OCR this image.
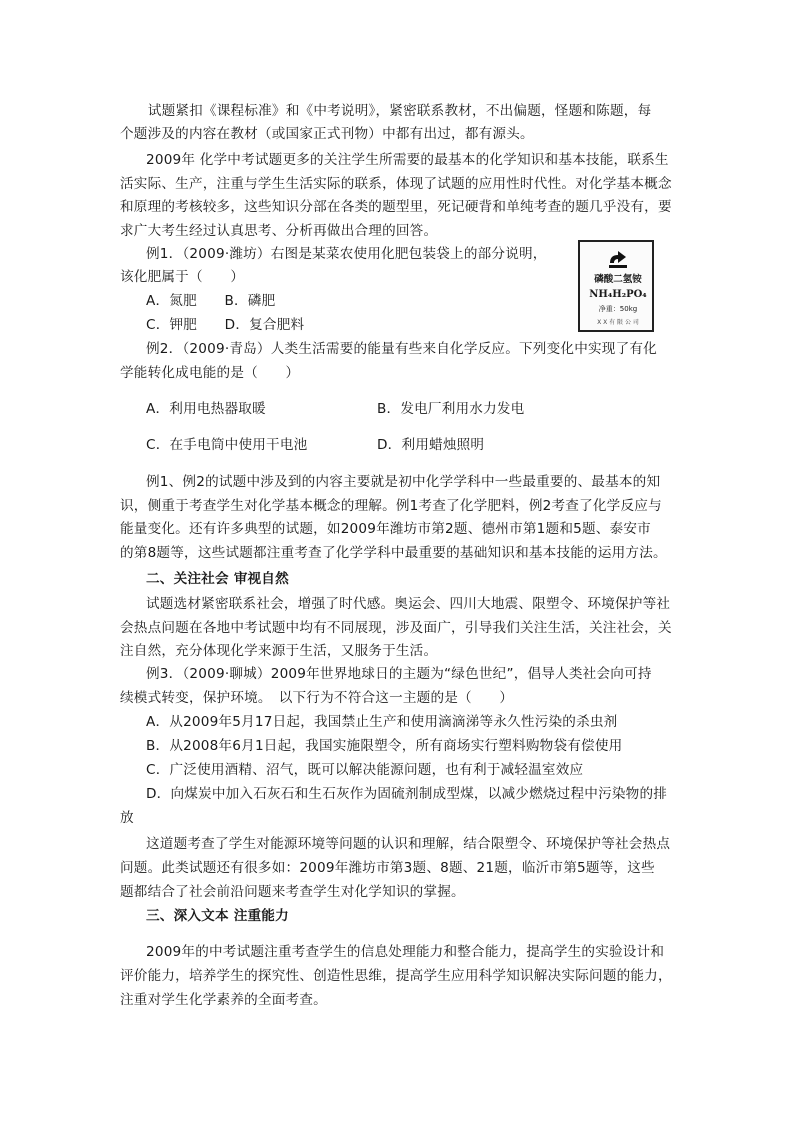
　试题紧扣《课程标准》和《中考说明》，紧密联系教材，不出偏题，怪题和陈题，每
个题涉及的内容在教材（或国家正式刊物）中都有出过，都有源头。
2009年 化学中考试题更多的关注学生所需要的最基本的化学知识和基本技能，联系生
活实际、生产，注重与学生生活实际的联系，体现了试题的应用性时代性。对化学基本概念
和原理的考核较多，这些知识分部在各类的题型里，死记硬背和单纯考查的题几乎没有，要
求广大考生经过认真思考、分析再做出合理的回答。
例1．（2009·潍坊）右图是某菜农使用化肥包装袋上的部分说明，
该化肥属于（　　）
A．氮肥　　B．磷肥
C．钾肥　　D．复合肥料
磷酸二氢铵
NH₄H₂PO₄
净重：50kg
X X 有 限 公 司
例2．（2009·青岛）人类生活需要的能量有些来自化学反应。下列变化中实现了有化
学能转化成电能的是（　　）
A．利用电热器取暖	B．发电厂利用水力发电
C．在手电筒中使用干电池	D．利用蜡烛照明
例1、例2的试题中涉及到的内容主要就是初中化学学科中一些最重要的、最基本的知
识，侧重于考查学生对化学基本概念的理解。例1考查了化学肥料，例2考查了化学反应与
能量变化。还有许多典型的试题，如2009年潍坊市第2题、德州市第1题和5题、泰安市
的第8题等，这些试题都注重考查了化学学科中最重要的基础知识和基本技能的运用方法。
二、关注社会 审视自然
试题选材紧密联系社会，增强了时代感。奥运会、四川大地震、限塑令、环境保护等社
会热点问题在各地中考试题中均有不同展现，涉及面广，引导我们关注生活，关注社会，关
注自然，充分体现化学来源于生活，又服务于生活。
例3．（2009·聊城）2009年世界地球日的主题为“绿色世纪”，倡导人类社会向可持
续模式转变，保护环境。　以下行为不符合这一主题的是（　　）
A．从2009年5月17日起，我国禁止生产和使用滴滴涕等永久性污染的杀虫剂
B．从2008年6月1日起，我国实施限塑令，所有商场实行塑料购物袋有偿使用
C．广泛使用酒精、沼气，既可以解决能源问题，也有利于减轻温室效应
D．向煤炭中加入石灰石和生石灰作为固硫剂制成型煤，以减少燃烧过程中污染物的排
放
这道题考查了学生对能源环境等问题的认识和理解，结合限塑令、环境保护等社会热点
问题。此类试题还有很多如：2009年潍坊市第3题、8题、21题，临沂市第5题等，这些
题都结合了社会前沿问题来考查学生对化学知识的掌握。
三、深入文本 注重能力
2009年的中考试题注重考查学生的信息处理能力和整合能力，提高学生的实验设计和
评价能力，培养学生的探究性、创造性思维，提高学生应用科学知识解决实际问题的能力，
注重对学生化学素养的全面考查。
